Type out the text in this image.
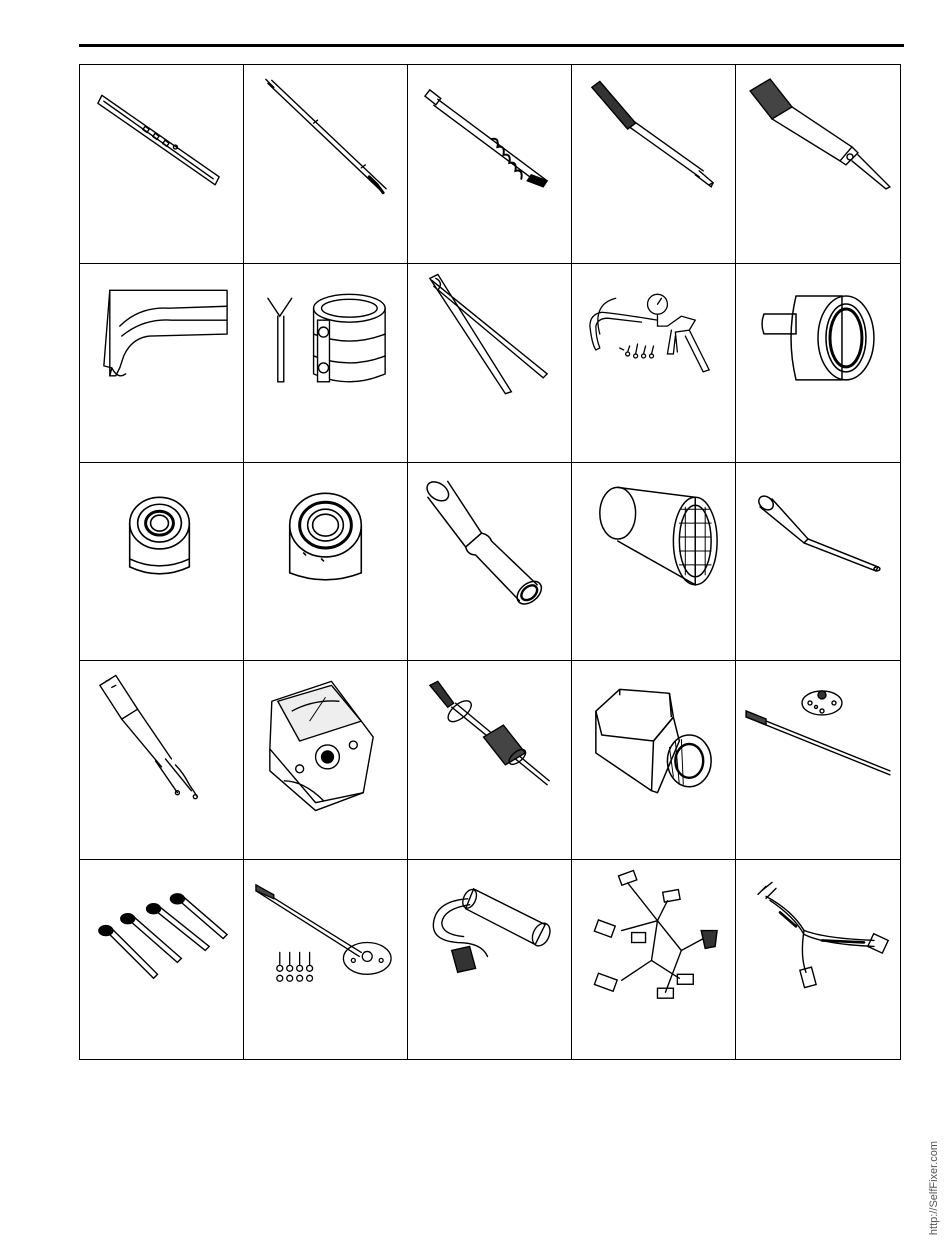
http://SelfFixer.com
